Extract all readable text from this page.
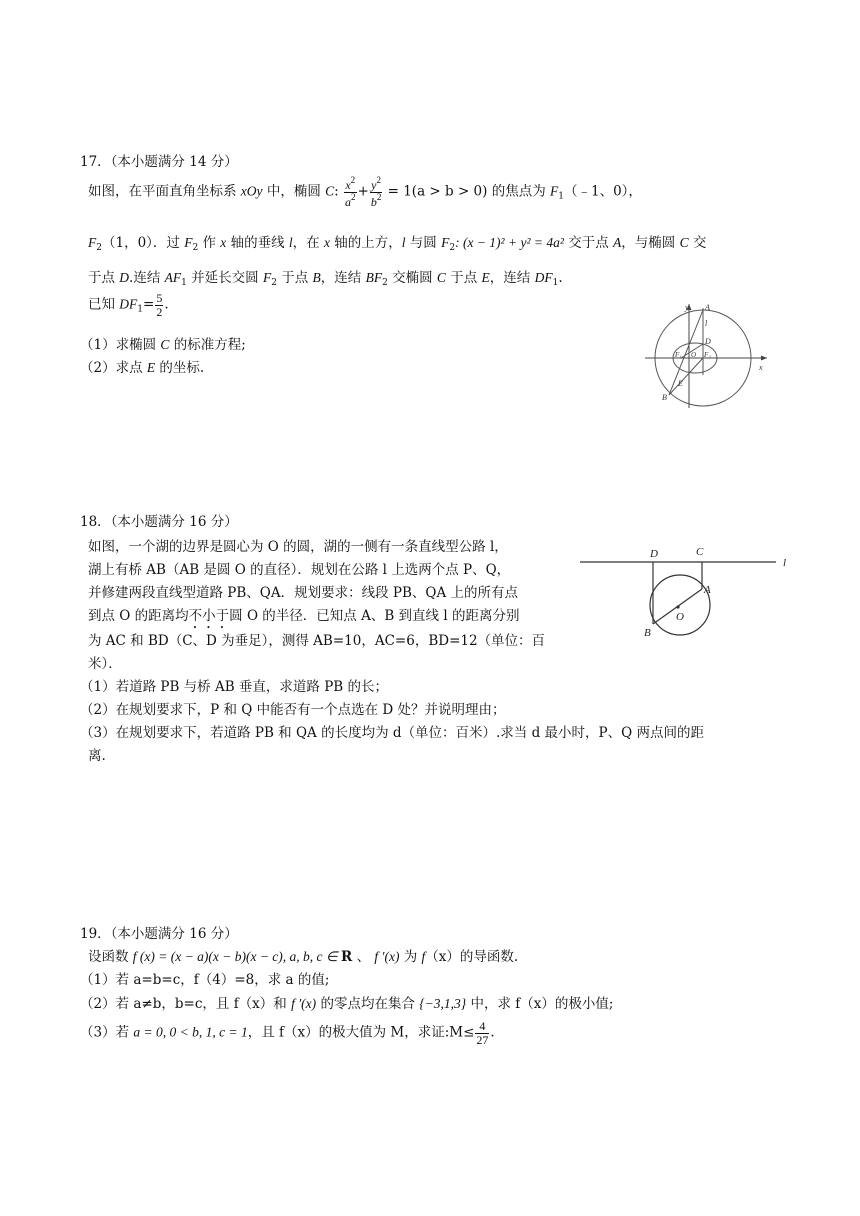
17．（本小题满分 14 分）
如图，在平面直角坐标系 xOy 中，椭圆 C: $\frac{x^2}{a^2} + \frac{y^2}{b^2} = 1(a > b > 0)$ 的焦点为 $F_1(﹣1$、0），
$F_2(1$，0）．过 $F_2$ 作 x 轴的垂线 l，在 x 轴的上方，l 与圆 $F_2$: (x − 1)² + y² = 4a² 交于点 A，与椭圆 C 交
于点 D.连结 $AF_1$ 并延长交圆 $F_2$ 于点 B，连结 $BF_2$ 交椭圆 C 于点 E，连结 $DF_1$.
已知 $DF_1= \frac{5}{2}$ .
（1）求椭圆 C 的标准方程;
（2）求点 E 的坐标.
y A
l
D
F₁ O F₂
x
E
B
18．（本小题满分 16 分）
如图，一个湖的边界是圆心为 O 的圆，湖的一侧有一条直线型公路 l，
湖上有桥 AB（AB 是圆 O 的直径）．规划在公路 l 上选两个点 P、Q，
并修建两段直线型道路 PB、QA．规划要求：线段 PB、QA 上的所有点
到点 O 的距离均不小于圆 O 的半径．已知点 A、B 到直线 l 的距离分别
为 AC 和 BD（C、D 为垂足），测得 AB=10，AC=6，BD=12（单位：百
米）．
（1）若道路 PB 与桥 AB 垂直，求道路 PB 的长；
（2）在规划要求下，P 和 Q 中能否有一个点选在 D 处？并说明理由；
（3）在规划要求下，若道路 PB 和 QA 的长度均为 d（单位：百米）.求当 d 最小时，P、Q 两点间的距
离.
D	C
l
A
O
B
19．（本小题满分 16 分）
设函数 f (x) = (x − a)(x − b)(x − c), a, b, c ∈ R 、 f ′(x) 为 f（x）的导函数.
（1）若 a=b=c，f（4）=8，求 a 的值;
（2）若 a≠b，b=c，且 f（x）和 f ′(x) 的零点均在集合 {−3,1,3} 中，求 f（x）的极小值;
（3）若 a = 0, 0 < b, 1, c = 1，且 f（x）的极大值为 M，求证:M≤ $\frac{4}{27}$ .
